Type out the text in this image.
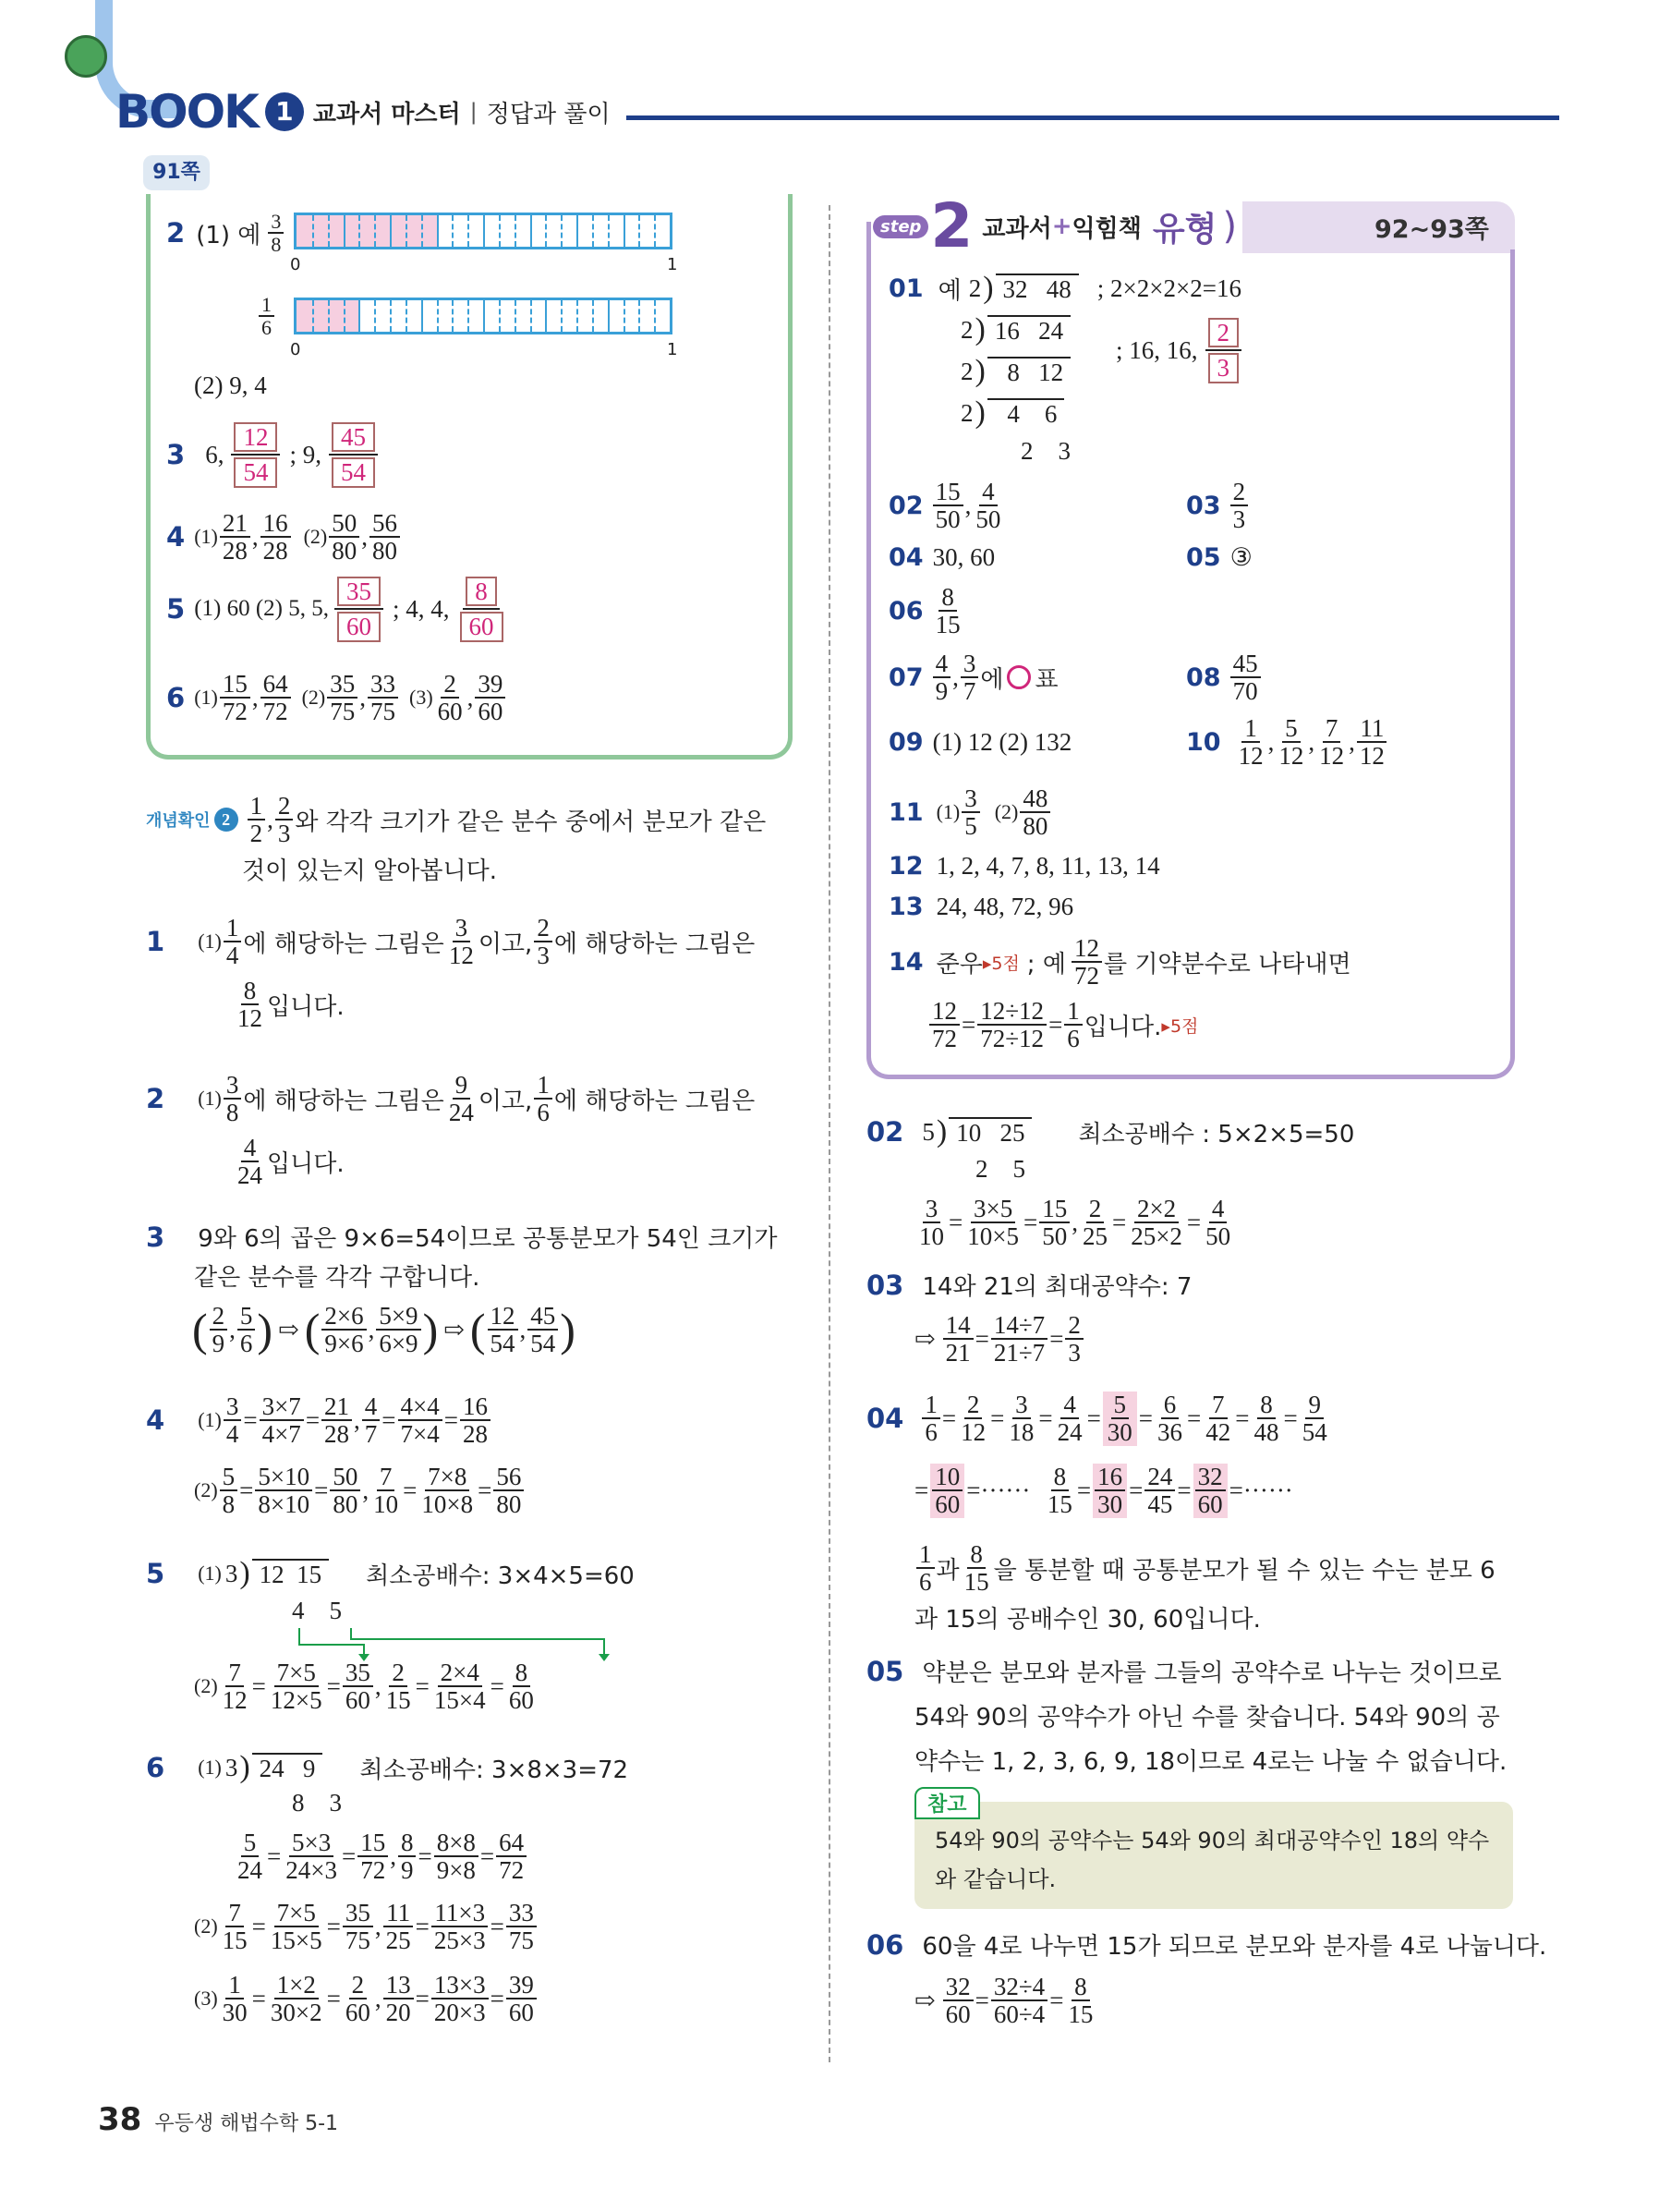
BOOK 1 교과서 마스터 | 정답과 풀이
91쪽
2 (1) 예 $\frac{3}{8}$
0	1
$\frac{1}{6}$
0	1
(2) 9, 4
3 6, $\frac{12}{54}$ ; 9, $\frac{45}{54}$
4 $(1) \frac{21}{28}$ , $\frac{16}{28} (2) \frac{50}{80}$ , $\frac{56}{80}$
5 (1) 60 (2) 5, 5, $\frac{35}{60}$ ; 4, 4, $\frac{8}{60}$
6 $(1) \frac{15}{72}$ , $\frac{64}{72} (2) \frac{35}{75}$ , $\frac{33}{75} (3) \frac{2}{60}$ , $\frac{39}{60}$
개념확인 $2 \frac{1}{2}$ , $\frac{2}{3}$ 와 각각 크기가 같은 분수 중에서 분모가 같은
것이 있는지 알아봅니다.
1 $(1) \frac{1}{4}$ 에 해당하는 그림은 $\frac{3}{12}$ 이고, $\frac{2}{3}$ 에 해당하는 그림은
$\frac{8}{12}$ 입니다.
2 $(1) \frac{3}{8}$ 에 해당하는 그림은 $\frac{9}{24}$ 이고, $\frac{1}{6}$ 에 해당하는 그림은
$\frac{4}{24}$ 입니다.
3 9와 6의 곱은 9×6=54이므로 공통분모가 54인 크기가
같은 분수를 각각 구합니다.
( $\frac{2}{9}$ , $\frac{5}{6}$ ) ⇨ ( $\frac{2\times 6}{9\times 6}$ , $\frac{5\times 9}{6\times 9}$ ) ⇨ ( $\frac{12}{54}$ , $\frac{45}{54}$ )
4 $(1) \frac{3}{4} = \frac{3\times 7}{4\times 7} = \frac{21}{28}$ , $\frac{4}{7} = \frac{4\times 4}{7\times 4} = \frac{16}{28}$
$(2) \frac{5}{8} = \frac{5\times 10}{8\times 10} = \frac{50}{80}$ , $\frac{7}{10} = \frac{7\times 8}{10\times 8} = \frac{56}{80}$
5 (1) 3 ) 12  15	최소공배수: 3×4×5=60
4    5
$(2) \frac{7}{12} = \frac{7\times 5}{12\times 5} = \frac{35}{60}$ , $\frac{2}{15} = \frac{2\times 4}{15\times 4} = \frac{8}{60}$
6 (1) 3 ) 24   9	최소공배수: 3×8×3=72
8    3
$\frac{5}{24} = \frac{5\times 3}{24\times 3} = \frac{15}{72}$ , $\frac{8}{9} = \frac{8\times 8}{9\times 8} = \frac{64}{72}$
$(2) \frac{7}{15} = \frac{7\times 5}{15\times 5} = \frac{35}{75}$ , $\frac{11}{25} = \frac{11\times 3}{25\times 3} = \frac{33}{75}$
$(3) \frac{1}{30} = \frac{1\times 2}{30\times 2} = \frac{2}{60}$ , $\frac{13}{20} = \frac{13\times 3}{20\times 3} = \frac{39}{60}$
step 2 교과서 + 익힘책 유형 )	92~93쪽
01 예 2 ) 32   48 ; 2×2×2×2=16
2 ) 16   24
; 16, 16, $\frac{2}{3}$
2 ) 8   12
2 ) 4    6
2    3
$02 \frac{15}{50}$ , $\frac{4}{50}$	$03 \frac{2}{3}$
04 30, 60	05 ③
$06 \frac{8}{15}$
$07 \frac{4}{9}$ , $\frac{3}{7}$ 에 표	$08 \frac{45}{70}$
09 (1) 12 (2) 132	$10 \frac{1}{12}$ , $\frac{5}{12}$ , $\frac{7}{12}$ , $\frac{11}{12}$
11 $(1) \frac{3}{5} (2) \frac{48}{80}$
12 1, 2, 4, 7, 8, 11, 13, 14
13 24, 48, 72, 96
14 준우 ▸5점 ; 예 $\frac{12}{72}$ 를 기약분수로 나타내면
$\frac{12}{72} = \frac{12\div 12}{72\div 12} = \frac{1}{6}$ 입니다. ▸5점
02 5 ) 10   25	최소공배수 : 5×2×5=50
2    5
$\frac{3}{10} = \frac{3\times 5}{10\times 5} = \frac{15}{50}$ , $\frac{2}{25} = \frac{2\times 2}{25\times 2} = \frac{4}{50}$
03 14와 21의 최대공약수: 7
⇨ $\frac{14}{21} = \frac{14\div 7}{21\div 7} = \frac{2}{3}$
$04 \frac{1}{6} = \frac{2}{12} = \frac{3}{18} = \frac{4}{24} = \frac{5}{30} = \frac{6}{36} = \frac{7}{42} = \frac{8}{48} = \frac{9}{54}$
= $\frac{10}{60}$ =······ $\frac{8}{15} = \frac{16}{30} = \frac{24}{45} = \frac{32}{60}$ =······
$\frac{1}{6}$ 과 $\frac{8}{15}$ 을 통분할 때 공통분모가 될 수 있는 수는 분모 6
과 15의 공배수인 30, 60입니다.
05 약분은 분모와 분자를 그들의 공약수로 나누는 것이므로
54와 90의 공약수가 아닌 수를 찾습니다. 54와 90의 공
약수는 1, 2, 3, 6, 9, 18이므로 4로는 나눌 수 없습니다.
참고
54와 90의 공약수는 54와 90의 최대공약수인 18의 약수
와 같습니다.
06 60을 4로 나누면 15가 되므로 분모와 분자를 4로 나눕니다.
⇨ $\frac{32}{60} = \frac{32\div 4}{60\div 4} = \frac{8}{15}$
38 우등생 해법수학 5-1
